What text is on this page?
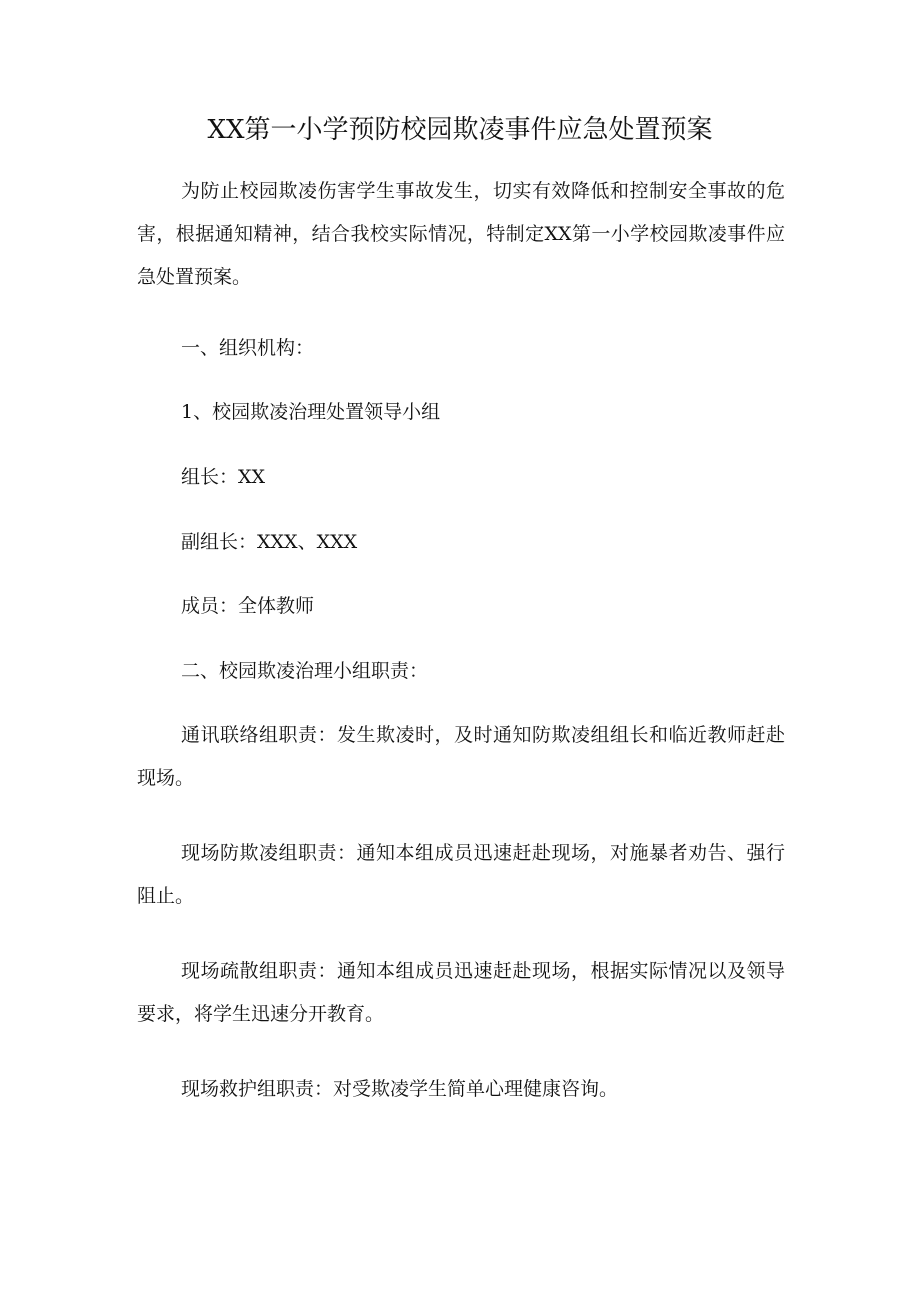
XX第一小学预防校园欺凌事件应急处置预案

为防止校园欺凌伤害学生事故发生，切实有效降低和控制安全事故的危害，根据通知精神，结合我校实际情况，特制定XX第一小学校园欺凌事件应急处置预案。

一、组织机构：

1、校园欺凌治理处置领导小组

组长：XX

副组长：XXX、XXX

成员：全体教师

二、校园欺凌治理小组职责：

通讯联络组职责：发生欺凌时，及时通知防欺凌组组长和临近教师赶赴现场。

现场防欺凌组职责：通知本组成员迅速赶赴现场，对施暴者劝告、强行阻止。

现场疏散组职责：通知本组成员迅速赶赴现场，根据实际情况以及领导要求，将学生迅速分开教育。

现场救护组职责：对受欺凌学生简单心理健康咨询。
